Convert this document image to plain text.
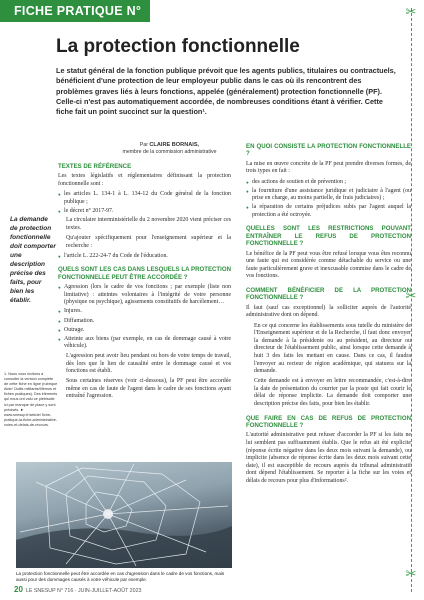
✂
✂
✂
FICHE PRATIQUE N° 49
La protection fonctionnelle

Le statut général de la fonction publique prévoit que les agents publics, titulaires ou contractuels, bénéficient d'une protection de leur employeur public dans le cas où ils rencontrent des problèmes graves liés à leurs fonctions, appelée (généralement) protection fonctionnelle (PF). Celle-ci n'est pas automatiquement accordée, de nombreuses conditions étant à vérifier. Cette fiche fait un point succinct sur la question¹.

Par CLAIRE BORNAIS,
membre de la commission administrative
La demande de protection fonctionnelle doit comporter une description précise des faits, pour bien les établir.
1. Nous vous invitons à consulter la version complète de cette fiche en ligne (rubrique Aide/ Outils militants/Mémos et fiches pratiques). Des éléments qui nous ont valu ce plébiscite ici par manque de place y sont précisés. ► www.snesup.fr/article/ fiche-pratique-la-fiche-administrative-voies-et-delais-de-recours.
TEXTES DE RÉFÉRENCE

Les textes législatifs et réglementaires définissant la protection fonctionnelle sont :

● les articles L. 134-1 à L. 134-12 du Code général de la fonction publique ;
● le décret n° 2017-97.

La circulaire interministérielle du 2 novembre 2020 vient préciser ces textes.

Qu'ajouter spécifiquement pour l'enseignement supérieur et la recherche :

● l'article L. 222-24-7 du Code de l'éducation.
QUELS SONT LES CAS DANS LESQUELS LA PROTECTION FONCTIONNELLE PEUT ÊTRE ACCORDÉE ?
● Agression (lors le cadre de vos fonctions ; par exemple (liste non limitative) : atteintes volontaires à l'intégrité de votre personne (physique ou psychique), agissements constitutifs de harcèlement…
● Injures.
● Diffamation.
● Outrage.
● Atteinte aux biens (par exemple, en cas de dommage causé à votre véhicule).

L'agression peut avoir lieu pendant ou hors de votre temps de travail, dès lors que le lien de causalité entre le dommage causé et vos fonctions est établi.

Sous certaines réserves (voir ci-dessous), la PF peut être accordée même en cas de faute de l'agent dans le cadre de ses fonctions ayant entraîné l'agression.

EN QUOI CONSISTE LA PROTECTION FONCTIONNELLE ?

La mise en œuvre concrète de la PF peut prendre diverses formes, de trois types en fait :

● des actions de soutien et de prévention ;
● la fourniture d'une assistance juridique et judiciaire à l'agent (ou prise en charge, au moins partielle, de frais judiciaires) ;
● la réparation de certains préjudices subis par l'agent auquel la protection a été octroyée.
QUELLES SONT LES RESTRICTIONS POUVANT ENTRAÎNER LE REFUS DE PROTECTION FONCTIONNELLE ?

Le bénéfice de la PF peut vous être refusé lorsque vous êtes reconnu une faute qui est considérée comme détachable du service ou une faute particulièrement grave et inexcusable commise dans le cadre de vos fonctions.

COMMENT BÉNÉFICIER DE LA PROTECTION FONCTIONNELLE ?

Il faut (sauf cas exceptionnel) la solliciter auprès de l'autorité administrative dont on dépend.

En ce qui concerne les établissements sous tutelle du ministère de l'Enseignement supérieur et de la Recherche, il faut donc envoyer la demande à la présidente ou au président, au directeur ou directeur de l'établissement public, ainsi lorsque cette demande à huit 3 des faits les mettant en cause. Dans ce cas, il faudra l'envoyer au recteur de région académique, qui statuera sur la demande.

Cette demande est à envoyer en lettre recommandée, c'est-à-dire la date de présentation du courrier par la poste qui fait courir le délai de réponse implicite. La demande doit comporter une description précise des faits, pour bien les établir.

QUE FAIRE EN CAS DE REFUS DE PROTECTION FONCTIONNELLE ?

L'autorité administrative peut refuser d'accorder la PF si les faits ne lui semblent pas suffisamment établis. Que le refus ait été explicite (réponse écrite négative dans les deux mois suivant la demande), ou implicite (absence de réponse écrite dans les deux mois suivant cette date), il est susceptible de recours auprès du tribunal administratif dont dépend l'établissement. Se reporter à la fiche sur les voies et délais de recours pour plus d'informations².

La protection fonctionnelle peut être accordée en cas d'agression dans le cadre de vos fonctions, mais aussi pour des dommages causés à votre véhicule par exemple.

20 LE SNESUP N° 716 · JUIN-JUILLET-AOÛT 2023
